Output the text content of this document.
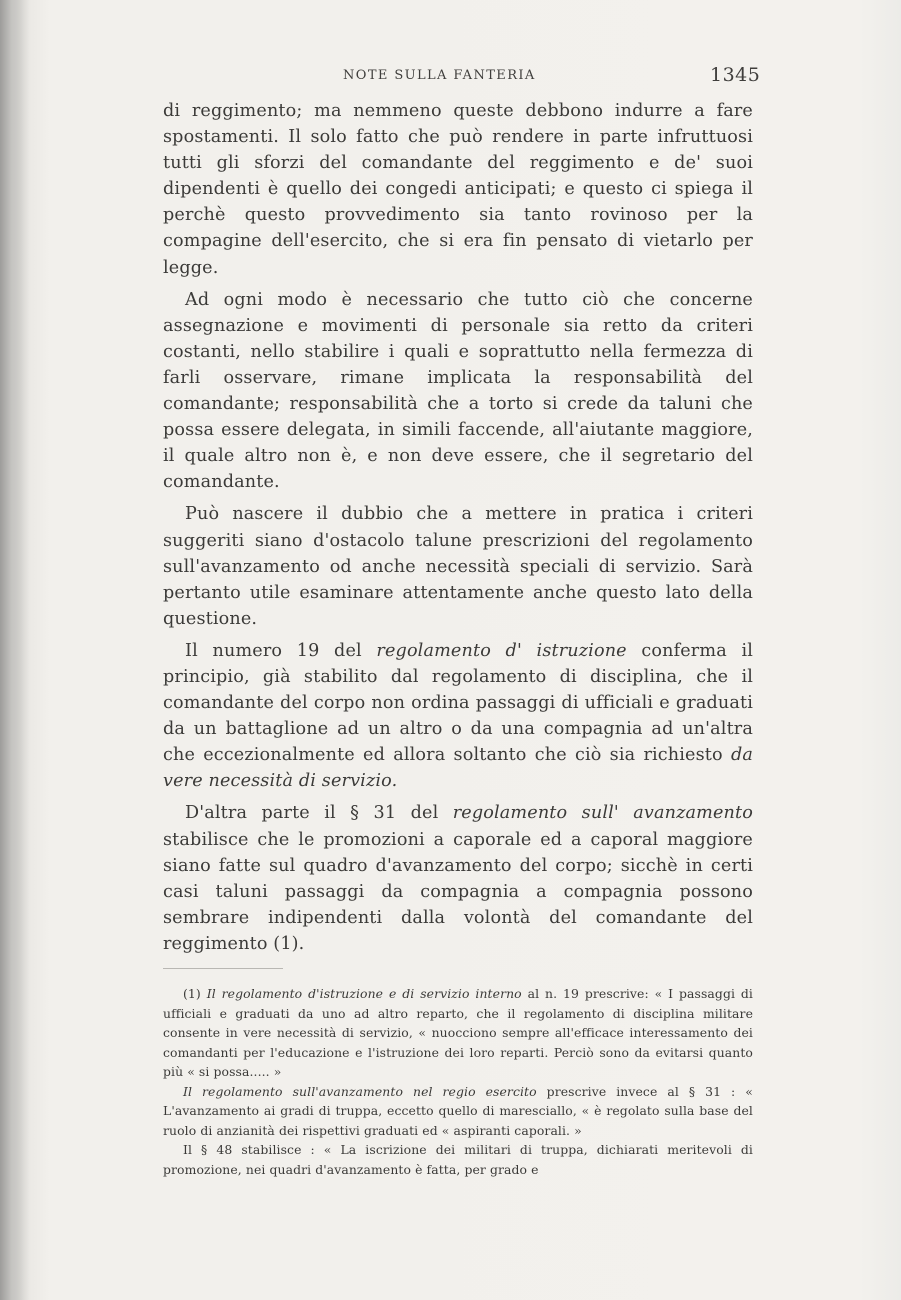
NOTE SULLA FANTERIA	1345

di reggimento; ma nemmeno queste debbono indurre a fare spostamenti. Il solo fatto che può rendere in parte infruttuosi tutti gli sforzi del comandante del reggimento e de' suoi dipendenti è quello dei congedi anticipati; e questo ci spiega il perchè questo provvedimento sia tanto rovinoso per la compagine dell'esercito, che si era fin pensato di vietarlo per legge.

Ad ogni modo è necessario che tutto ciò che concerne assegnazione e movimenti di personale sia retto da criteri costanti, nello stabilire i quali e soprattutto nella fermezza di farli osservare, rimane implicata la responsabilità del comandante; responsabilità che a torto si crede da taluni che possa essere delegata, in simili faccende, all'aiutante maggiore, il quale altro non è, e non deve essere, che il segretario del comandante.

Può nascere il dubbio che a mettere in pratica i criteri suggeriti siano d'ostacolo talune prescrizioni del regolamento sull'avanzamento od anche necessità speciali di servizio. Sarà pertanto utile esaminare attentamente anche questo lato della questione.

Il numero 19 del regolamento d' istruzione conferma il principio, già stabilito dal regolamento di disciplina, che il comandante del corpo non ordina passaggi di ufficiali e graduati da un battaglione ad un altro o da una compagnia ad un'altra che eccezionalmente ed allora soltanto che ciò sia richiesto da vere necessità di servizio.

D'altra parte il § 31 del regolamento sull' avanzamento stabilisce che le promozioni a caporale ed a caporal maggiore siano fatte sul quadro d'avanzamento del corpo; sicchè in certi casi taluni passaggi da compagnia a compagnia possono sembrare indipendenti dalla volontà del comandante del reggimento (1).

(1) Il regolamento d'istruzione e di servizio interno al n. 19 prescrive: « I passaggi di ufficiali e graduati da uno ad altro reparto, che il regolamento di disciplina militare consente in vere necessità di servizio, « nuocciono sempre all'efficace interessamento dei comandanti per l'educazione e l'istruzione dei loro reparti. Perciò sono da evitarsi quanto più « si possa..... »

Il regolamento sull'avanzamento nel regio esercito prescrive invece al § 31 : « L'avanzamento ai gradi di truppa, eccetto quello di maresciallo, « è regolato sulla base del ruolo di anzianità dei rispettivi graduati ed « aspiranti caporali. »

Il § 48 stabilisce : « La iscrizione dei militari di truppa, dichiarati meritevoli di promozione, nei quadri d'avanzamento è fatta, per grado e
